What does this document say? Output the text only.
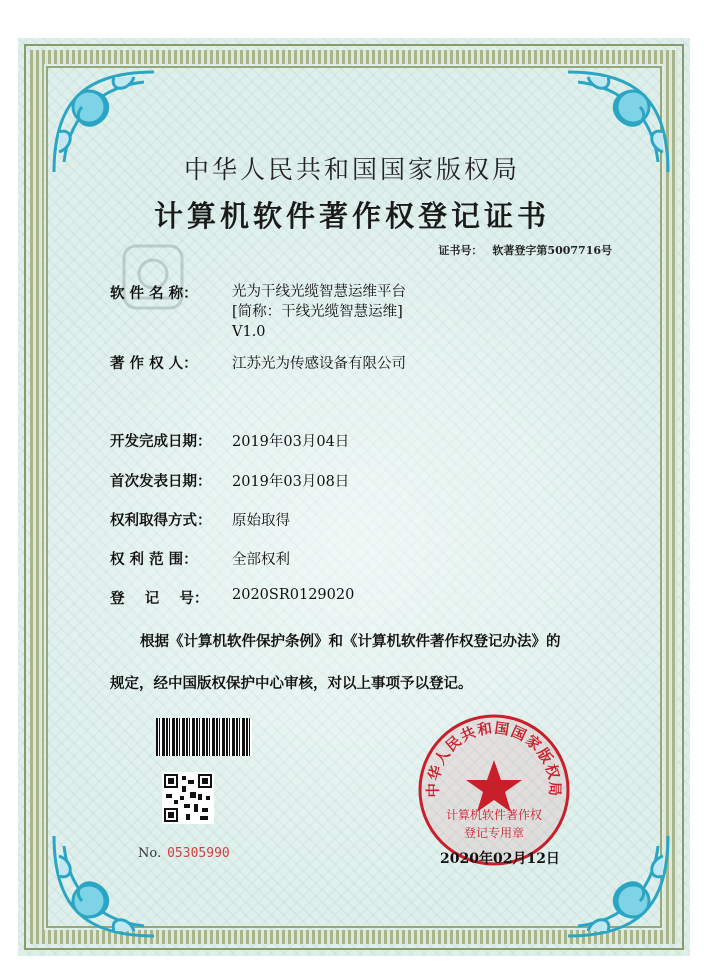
中华人民共和国国家版权局
计算机软件著作权登记证书
证书号： 软著登字第5007716号
软 件 名 称： 光为干线光缆智慧运维平台
[简称：干线光缆智慧运维]
V1.0
著 作 权 人： 江苏光为传感设备有限公司
开发完成日期： 2019年03月04日
首次发表日期： 2019年03月08日
权利取得方式： 原始取得
权 利 范 围： 全部权利
登    记    号： 2020SR0129020
根据《计算机软件保护条例》和《计算机软件著作权登记办法》的
规定，经中国版权保护中心审核，对以上事项予以登记。
No. 05305990
中华人民共和国国家版权局
计算机软件著作权
登记专用章
2020年02月12日
